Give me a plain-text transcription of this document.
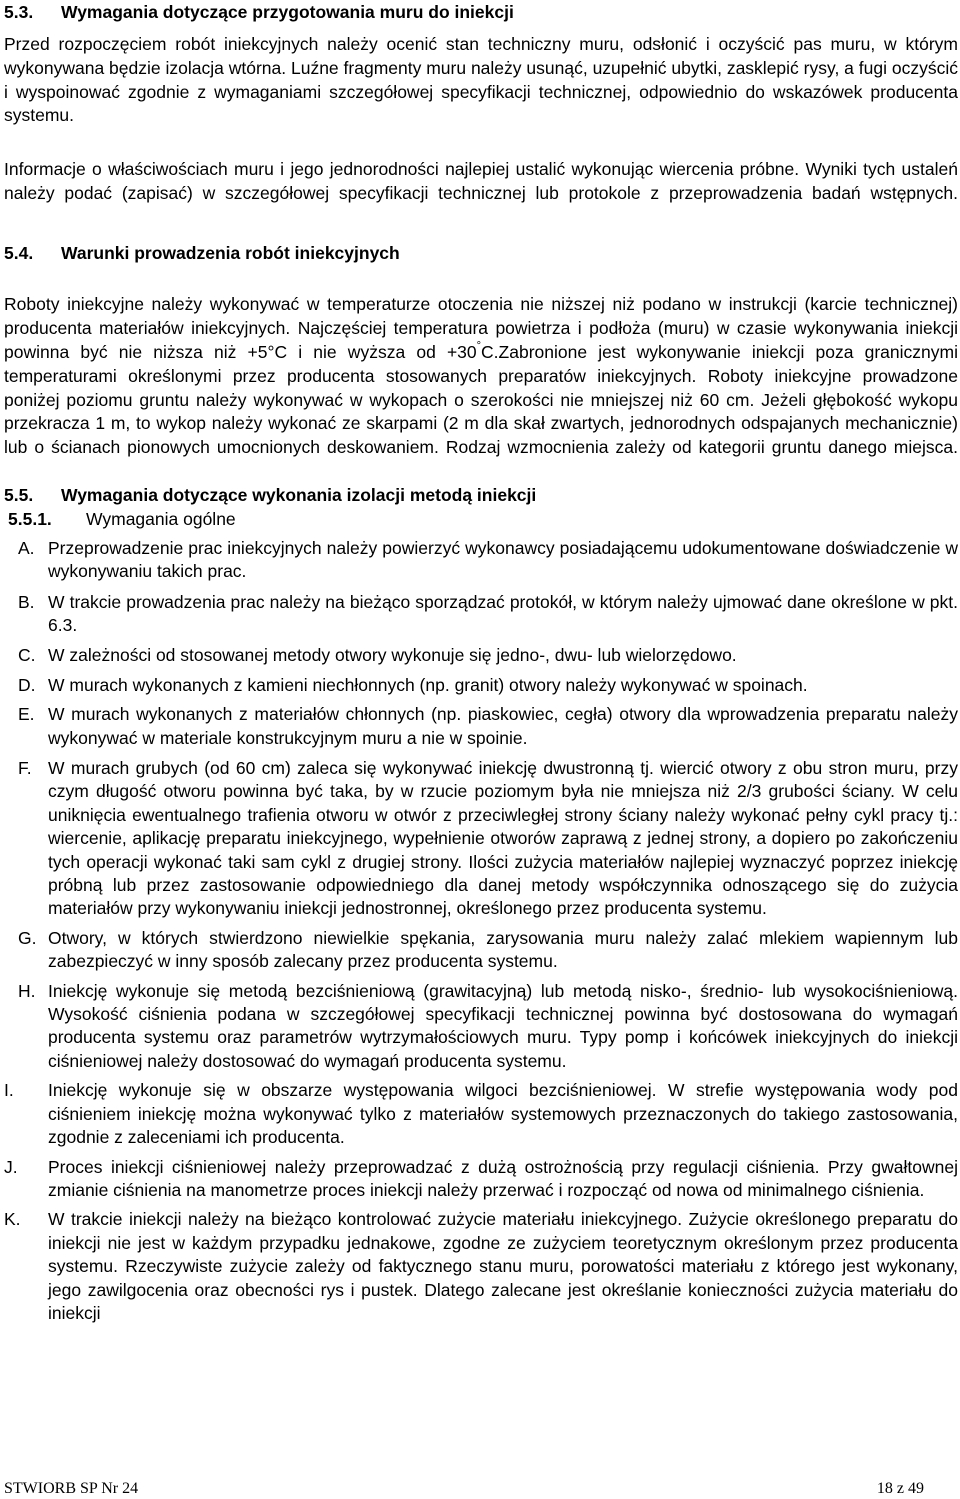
5.3.	Wymagania dotyczące przygotowania muru do iniekcji

Przed rozpoczęciem robót iniekcyjnych należy ocenić stan techniczny muru, odsłonić i oczyścić pas muru, w którym wykonywana będzie izolacja wtórna. Luźne fragmenty muru należy usunąć, uzupełnić ubytki, zasklepić rysy, a fugi oczyścić i wyspoinować zgodnie z wymaganiami szczegółowej specyfikacji technicznej, odpowiednio do wskazówek producenta systemu.

Informacje o właściwościach muru i jego jednorodności najlepiej ustalić wykonując wiercenia próbne. Wyniki tych ustaleń należy podać (zapisać) w szczegółowej specyfikacji technicznej lub protokole z przeprowadzenia badań wstępnych.

5.4.	Warunki prowadzenia robót iniekcyjnych

Roboty iniekcyjne należy wykonywać w temperaturze otoczenia nie niższej niż podano w instrukcji (karcie technicznej) producenta materiałów iniekcyjnych. Najczęściej temperatura powietrza i podłoża (muru) w czasie wykonywania iniekcji powinna być nie niższa niż +5°C i nie wyższa od +30°C.Zabronione jest wykonywanie iniekcji poza granicznymi temperaturami określonymi przez producenta stosowanych preparatów iniekcyjnych. Roboty iniekcyjne prowadzone poniżej poziomu gruntu należy wykonywać w wykopach o szerokości nie mniejszej niż 60 cm. Jeżeli głębokość wykopu przekracza 1 m, to wykop należy wykonać ze skarpami (2 m dla skał zwartych, jednorodnych odspajanych mechanicznie) lub o ścianach pionowych umocnionych deskowaniem. Rodzaj wzmocnienia zależy od kategorii gruntu danego miejsca.

5.5.	Wymagania dotyczące wykonania izolacji metodą iniekcji
5.5.1.	Wymagania ogólne
A. Przeprowadzenie prac iniekcyjnych należy powierzyć wykonawcy posiadającemu udokumentowane doświadczenie w wykonywaniu takich prac.
B. W trakcie prowadzenia prac należy na bieżąco sporządzać protokół, w którym należy ujmować dane określone w pkt. 6.3.
C. W zależności od stosowanej metody otwory wykonuje się jedno-, dwu- lub wielorzędowo.
D. W murach wykonanych z kamieni niechłonnych (np. granit) otwory należy wykonywać w spoinach.
E. W murach wykonanych z materiałów chłonnych (np. piaskowiec, cegła) otwory dla wprowadzenia preparatu należy wykonywać w materiale konstrukcyjnym muru a nie w spoinie.
F. W murach grubych (od 60 cm) zaleca się wykonywać iniekcję dwustronną tj. wiercić otwory z obu stron muru, przy czym długość otworu powinna być taka, by w rzucie poziomym była nie mniejsza niż 2/3 grubości ściany. W celu uniknięcia ewentualnego trafienia otworu w otwór z przeciwległej strony ściany należy wykonać pełny cykl pracy tj.: wiercenie, aplikację preparatu iniekcyjnego, wypełnienie otworów zaprawą z jednej strony, a dopiero po zakończeniu tych operacji wykonać taki sam cykl z drugiej strony. Ilości zużycia materiałów najlepiej wyznaczyć poprzez iniekcję próbną lub przez zastosowanie odpowiedniego dla danej metody współczynnika odnoszącego się do zużycia materiałów przy wykonywaniu iniekcji jednostronnej, określonego przez producenta systemu.
G. Otwory, w których stwierdzono niewielkie spękania, zarysowania muru należy zalać mlekiem wapiennym lub zabezpieczyć w inny sposób zalecany przez producenta systemu.
H. Iniekcję wykonuje się metodą bezciśnieniową (grawitacyjną) lub metodą nisko-, średnio- lub wysokociśnieniową. Wysokość ciśnienia podana w szczegółowej specyfikacji technicznej powinna być dostosowana do wymagań producenta systemu oraz parametrów wytrzymałościowych muru. Typy pomp i końcówek iniekcyjnych do iniekcji ciśnieniowej należy dostosować do wymagań producenta systemu.
I.	Iniekcję wykonuje się w obszarze występowania wilgoci bezciśnieniowej. W strefie występowania wody pod ciśnieniem iniekcję można wykonywać tylko z materiałów systemowych przeznaczonych do takiego zastosowania, zgodnie z zaleceniami ich producenta.
J.	Proces iniekcji ciśnieniowej należy przeprowadzać z dużą ostrożnością przy regulacji ciśnienia. Przy gwałtownej zmianie ciśnienia na manometrze proces iniekcji należy przerwać i rozpocząć od nowa od minimalnego ciśnienia.
K.	W trakcie iniekcji należy na bieżąco kontrolować zużycie materiału iniekcyjnego. Zużycie określonego preparatu do iniekcji nie jest w każdym przypadku jednakowe, zgodne ze zużyciem teoretycznym określonym przez producenta systemu. Rzeczywiste zużycie zależy od faktycznego stanu muru, porowatości materiału z którego jest wykonany, jego zawilgocenia oraz obecności rys i pustek. Dlatego zalecane jest określanie konieczności zużycia materiału do iniekcji
STWIORB SP Nr 24	18 z 49
